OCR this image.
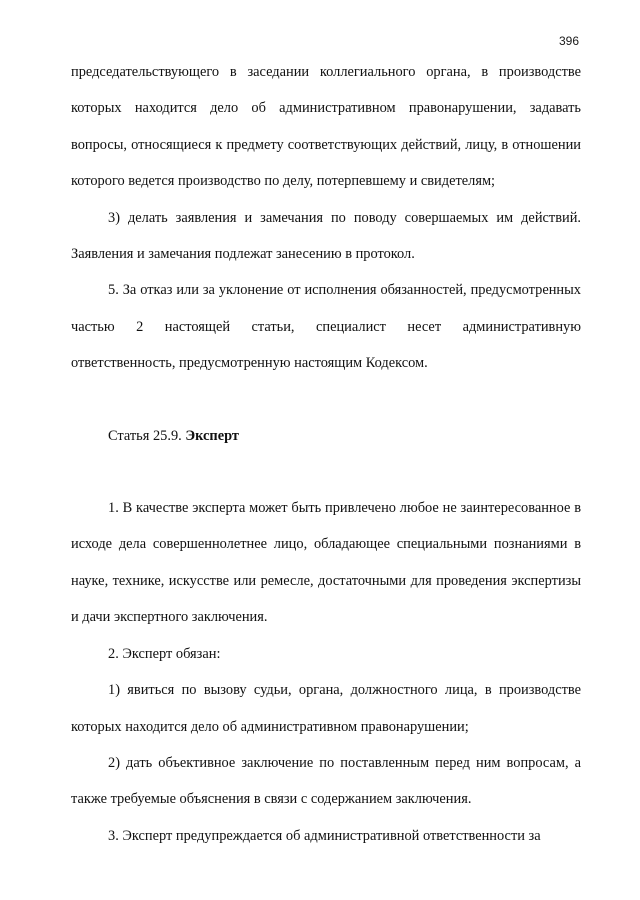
396

председательствующего в заседании коллегиального органа, в производстве которых находится дело об административном правонарушении, задавать вопросы, относящиеся к предмету соответствующих действий, лицу, в отношении которого ведется производство по делу, потерпевшему и свидетелям;

3) делать заявления и замечания по поводу совершаемых им действий. Заявления и замечания подлежат занесению в протокол.

5. За отказ или за уклонение от исполнения обязанностей, предусмотренных частью 2 настоящей статьи, специалист несет административную ответственность, предусмотренную настоящим Кодексом.

Статья 25.9. Эксперт

1. В качестве эксперта может быть привлечено любое не заинтересованное в исходе дела совершеннолетнее лицо, обладающее специальными познаниями в науке, технике, искусстве или ремесле, достаточными для проведения экспертизы и дачи экспертного заключения.

2. Эксперт обязан:

1) явиться по вызову судьи, органа, должностного лица, в производстве которых находится дело об административном правонарушении;

2) дать объективное заключение по поставленным перед ним вопросам, а также требуемые объяснения в связи с содержанием заключения.

3. Эксперт предупреждается об административной ответственности за
